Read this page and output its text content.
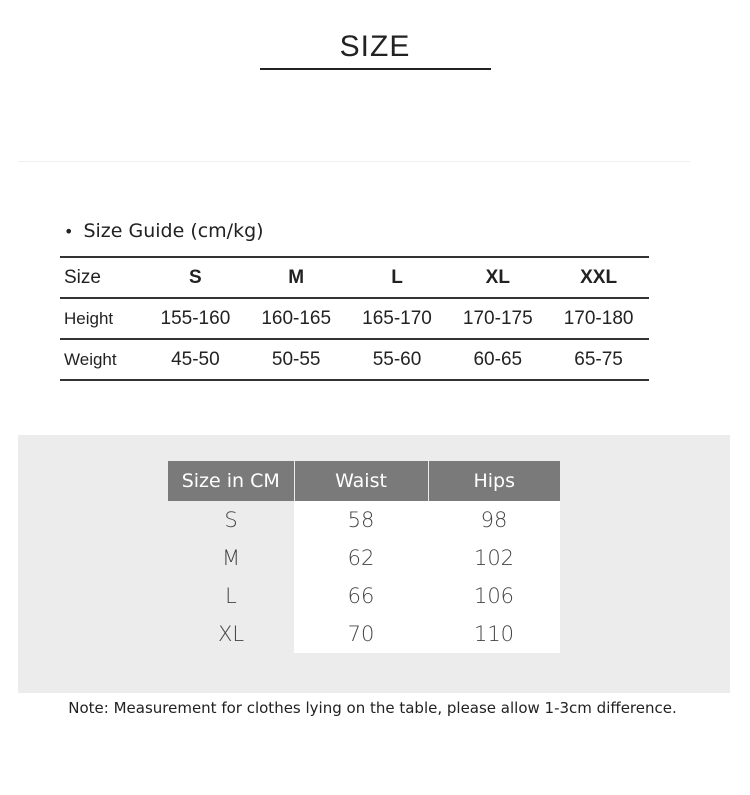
SIZE
• Size Guide (cm/kg)
Size	S	M	L	XL	XXL
Height	155-160	160-165	165-170	170-175	170-180
Weight	45-50	50-55	55-60	60-65	65-75
Size in CM	Waist	Hips
S	58	98
M	62	102
L	66	106
XL	70	110
Note: Measurement for clothes lying on the table, please allow 1-3cm difference.
